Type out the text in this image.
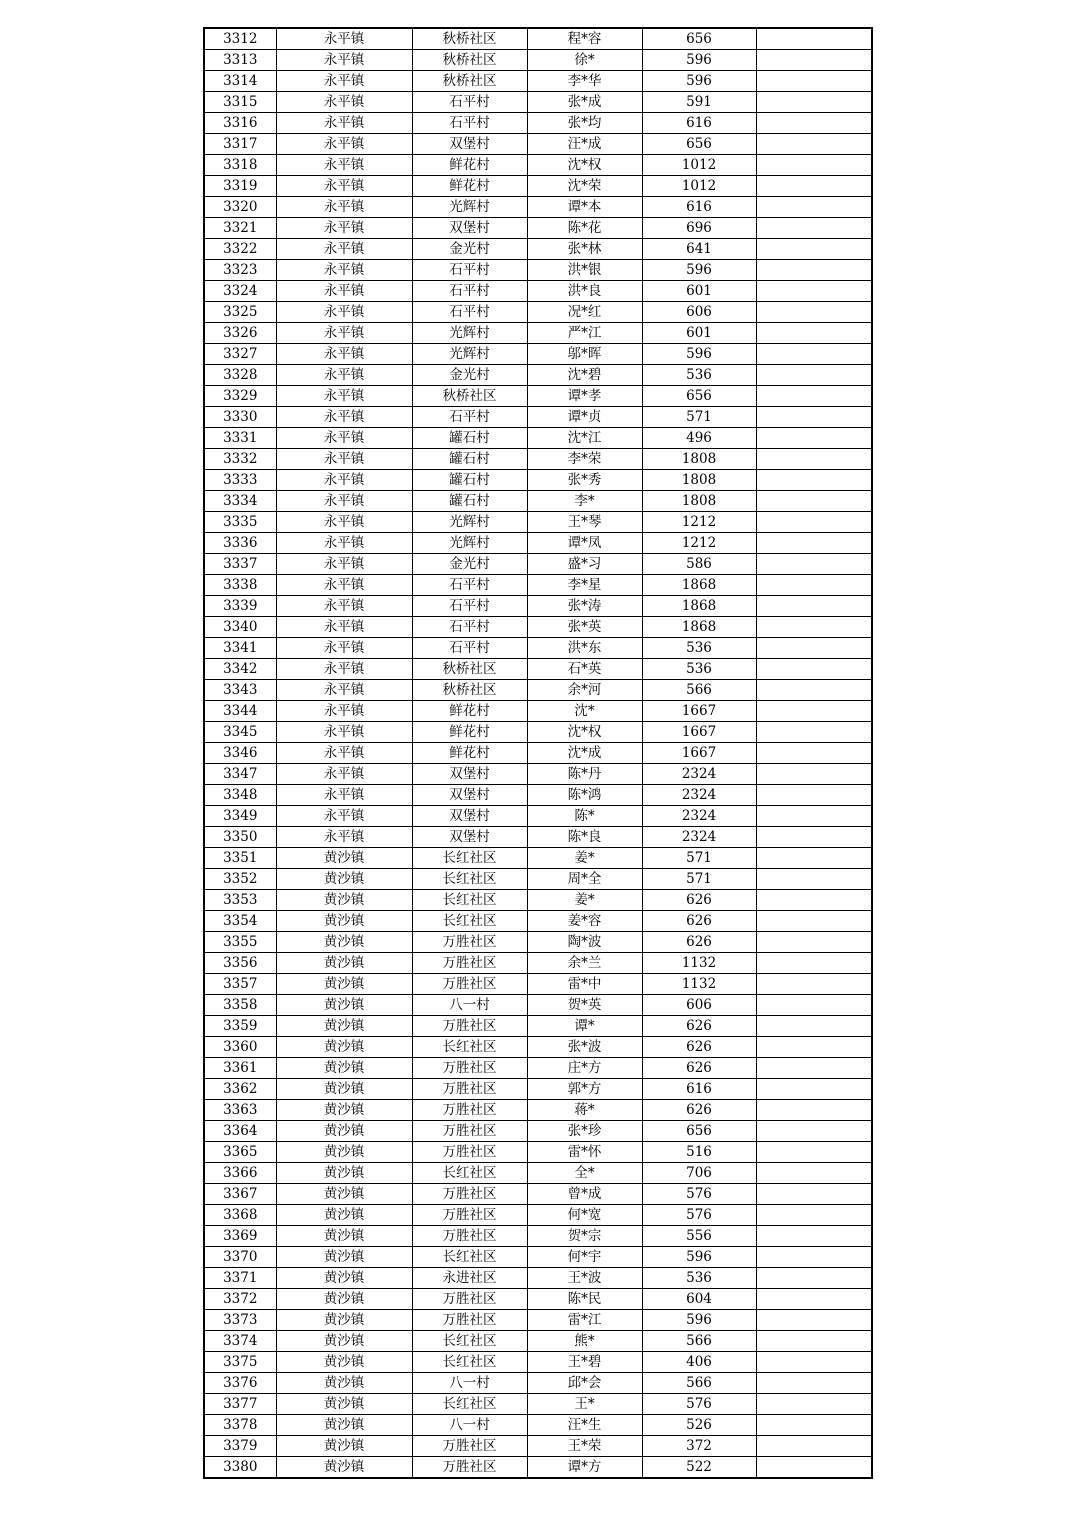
3312	永平镇	秋桥社区	程*容	656	
3313	永平镇	秋桥社区	徐*	596	
3314	永平镇	秋桥社区	李*华	596	
3315	永平镇	石平村	张*成	591	
3316	永平镇	石平村	张*均	616	
3317	永平镇	双堡村	汪*成	656	
3318	永平镇	鲜花村	沈*权	1012	
3319	永平镇	鲜花村	沈*荣	1012	
3320	永平镇	光辉村	谭*本	616	
3321	永平镇	双堡村	陈*花	696	
3322	永平镇	金光村	张*林	641	
3323	永平镇	石平村	洪*银	596	
3324	永平镇	石平村	洪*良	601	
3325	永平镇	石平村	况*红	606	
3326	永平镇	光辉村	严*江	601	
3327	永平镇	光辉村	邬*晖	596	
3328	永平镇	金光村	沈*碧	536	
3329	永平镇	秋桥社区	谭*孝	656	
3330	永平镇	石平村	谭*贞	571	
3331	永平镇	罐石村	沈*江	496	
3332	永平镇	罐石村	李*荣	1808	
3333	永平镇	罐石村	张*秀	1808	
3334	永平镇	罐石村	李*	1808	
3335	永平镇	光辉村	王*琴	1212	
3336	永平镇	光辉村	谭*凤	1212	
3337	永平镇	金光村	盛*习	586	
3338	永平镇	石平村	李*星	1868	
3339	永平镇	石平村	张*涛	1868	
3340	永平镇	石平村	张*英	1868	
3341	永平镇	石平村	洪*东	536	
3342	永平镇	秋桥社区	石*英	536	
3343	永平镇	秋桥社区	余*河	566	
3344	永平镇	鲜花村	沈*	1667	
3345	永平镇	鲜花村	沈*权	1667	
3346	永平镇	鲜花村	沈*成	1667	
3347	永平镇	双堡村	陈*丹	2324	
3348	永平镇	双堡村	陈*鸿	2324	
3349	永平镇	双堡村	陈*	2324	
3350	永平镇	双堡村	陈*良	2324	
3351	黄沙镇	长红社区	姜*	571	
3352	黄沙镇	长红社区	周*全	571	
3353	黄沙镇	长红社区	姜*	626	
3354	黄沙镇	长红社区	姜*容	626	
3355	黄沙镇	万胜社区	陶*波	626	
3356	黄沙镇	万胜社区	余*兰	1132	
3357	黄沙镇	万胜社区	雷*中	1132	
3358	黄沙镇	八一村	贺*英	606	
3359	黄沙镇	万胜社区	谭*	626	
3360	黄沙镇	长红社区	张*波	626	
3361	黄沙镇	万胜社区	庄*方	626	
3362	黄沙镇	万胜社区	郭*方	616	
3363	黄沙镇	万胜社区	蒋*	626	
3364	黄沙镇	万胜社区	张*珍	656	
3365	黄沙镇	万胜社区	雷*怀	516	
3366	黄沙镇	长红社区	全*	706	
3367	黄沙镇	万胜社区	曾*成	576	
3368	黄沙镇	万胜社区	何*宽	576	
3369	黄沙镇	万胜社区	贺*宗	556	
3370	黄沙镇	长红社区	何*宇	596	
3371	黄沙镇	永进社区	王*波	536	
3372	黄沙镇	万胜社区	陈*民	604	
3373	黄沙镇	万胜社区	雷*江	596	
3374	黄沙镇	长红社区	熊*	566	
3375	黄沙镇	长红社区	王*碧	406	
3376	黄沙镇	八一村	邱*会	566	
3377	黄沙镇	长红社区	王*	576	
3378	黄沙镇	八一村	汪*生	526	
3379	黄沙镇	万胜社区	王*荣	372	
3380	黄沙镇	万胜社区	谭*方	522	
